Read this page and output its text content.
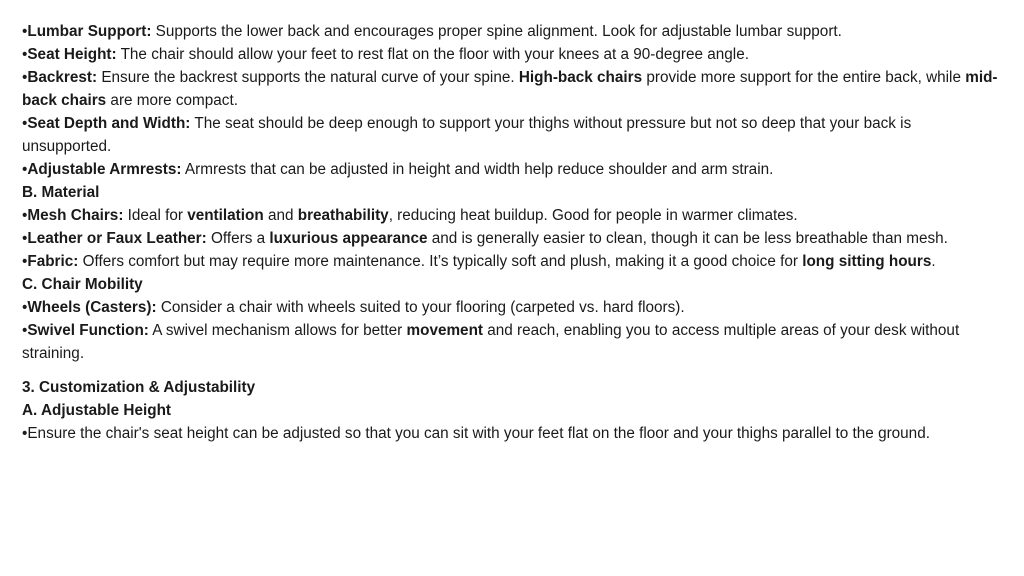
•Lumbar Support: Supports the lower back and encourages proper spine alignment. Look for adjustable lumbar support.

•Seat Height: The chair should allow your feet to rest flat on the floor with your knees at a 90-degree angle.

•Backrest: Ensure the backrest supports the natural curve of your spine. High-back chairs provide more support for the entire back, while mid-back chairs are more compact.

•Seat Depth and Width: The seat should be deep enough to support your thighs without pressure but not so deep that your back is unsupported.

•Adjustable Armrests: Armrests that can be adjusted in height and width help reduce shoulder and arm strain.

B. Material

•Mesh Chairs: Ideal for ventilation and breathability, reducing heat buildup. Good for people in warmer climates.

•Leather or Faux Leather: Offers a luxurious appearance and is generally easier to clean, though it can be less breathable than mesh.

•Fabric: Offers comfort but may require more maintenance. It’s typically soft and plush, making it a good choice for long sitting hours.

C. Chair Mobility

•Wheels (Casters): Consider a chair with wheels suited to your flooring (carpeted vs. hard floors).

•Swivel Function: A swivel mechanism allows for better movement and reach, enabling you to access multiple areas of your desk without straining.

3. Customization & Adjustability

A. Adjustable Height

•Ensure the chair's seat height can be adjusted so that you can sit with your feet flat on the floor and your thighs parallel to the ground.
